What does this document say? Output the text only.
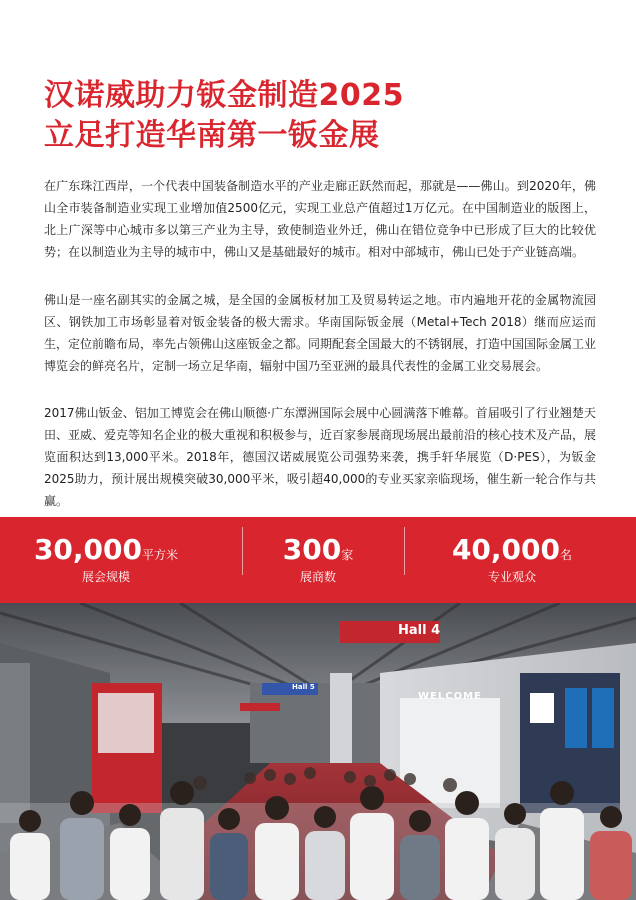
汉诺威助力钣金制造2025
立足打造华南第一钣金展
在广东珠江西岸，一个代表中国装备制造水平的产业走廊正跃然而起，那就是——佛山。到2020年，佛山全市装备制造业实现工业增加值2500亿元，实现工业总产值超过1万亿元。在中国制造业的版图上，北上广深等中心城市多以第三产业为主导，致使制造业外迁，佛山在错位竞争中已形成了巨大的比较优势；在以制造业为主导的城市中，佛山又是基础最好的城市。相对中部城市，佛山已处于产业链高端。
佛山是一座名副其实的金属之城，是全国的金属板材加工及贸易转运之地。市内遍地开花的金属物流园区、钢铁加工市场彰显着对钣金装备的极大需求。华南国际钣金展（Metal+Tech 2018）继而应运而生，定位前瞻布局，率先占领佛山这座钣金之都。同期配套全国最大的不锈钢展，打造中国国际金属工业博览会的鲜亮名片，定制一场立足华南，辐射中国乃至亚洲的最具代表性的金属工业交易展会。
2017佛山钣金、铝加工博览会在佛山顺德·广东潭洲国际会展中心圆满落下帷幕。首届吸引了行业翘楚天田、亚威、爱克等知名企业的极大重视和积极参与，近百家参展商现场展出最前沿的核心技术及产品，展览面积达到13,000平米。2018年，德国汉诺威展览公司强势来袭，携手轩华展览（D·PES），为钣金2025助力，预计展出规模突破30,000平米，吸引超40,000的专业买家亲临现场，催生新一轮合作与共赢。
30,000平方米
展会规模
300家
展商数
40,000名
专业观众
Hall 4
Hall 5
WELCOME
